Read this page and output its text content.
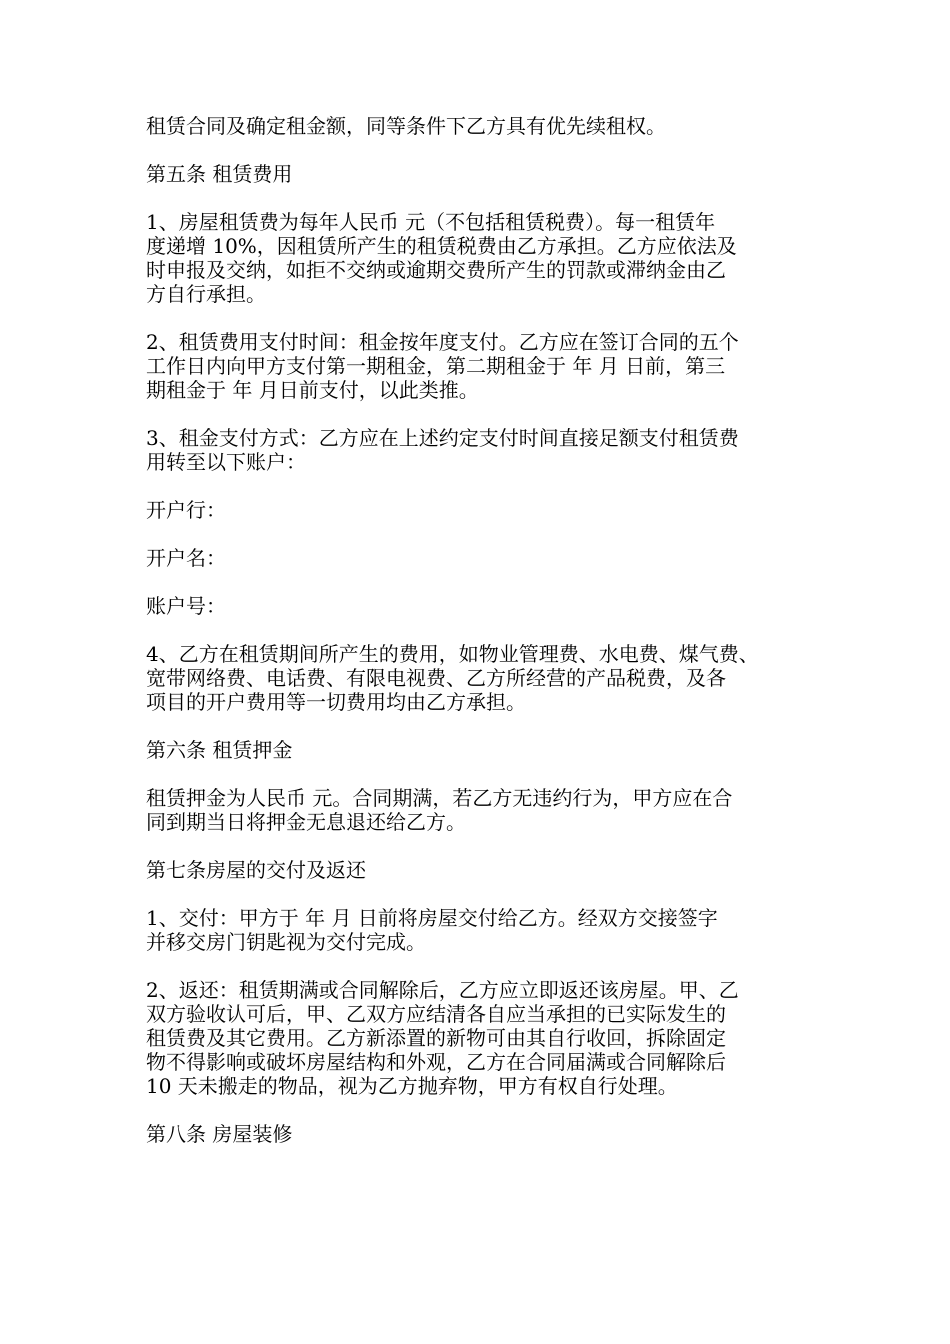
租赁合同及确定租金额，同等条件下乙方具有优先续租权。

第五条 租赁费用

1、房屋租赁费为每年人民币 元（不包括租赁税费）。每一租赁年
度递增 10%，因租赁所产生的租赁税费由乙方承担。乙方应依法及
时申报及交纳，如拒不交纳或逾期交费所产生的罚款或滞纳金由乙
方自行承担。

2、租赁费用支付时间：租金按年度支付。乙方应在签订合同的五个
工作日内向甲方支付第一期租金，第二期租金于 年 月 日前，第三
期租金于 年 月日前支付，以此类推。

3、租金支付方式：乙方应在上述约定支付时间直接足额支付租赁费
用转至以下账户：

开户行：

开户名：

账户号：

4、乙方在租赁期间所产生的费用，如物业管理费、水电费、煤气费、
宽带网络费、电话费、有限电视费、乙方所经营的产品税费，及各
项目的开户费用等一切费用均由乙方承担。

第六条 租赁押金

租赁押金为人民币 元。合同期满，若乙方无违约行为，甲方应在合
同到期当日将押金无息退还给乙方。

第七条房屋的交付及返还

1、交付：甲方于 年 月 日前将房屋交付给乙方。经双方交接签字
并移交房门钥匙视为交付完成。

2、返还：租赁期满或合同解除后，乙方应立即返还该房屋。甲、乙
双方验收认可后，甲、乙双方应结清各自应当承担的已实际发生的
租赁费及其它费用。乙方新添置的新物可由其自行收回，拆除固定
物不得影响或破坏房屋结构和外观，乙方在合同届满或合同解除后
10 天未搬走的物品，视为乙方抛弃物，甲方有权自行处理。

第八条 房屋装修
